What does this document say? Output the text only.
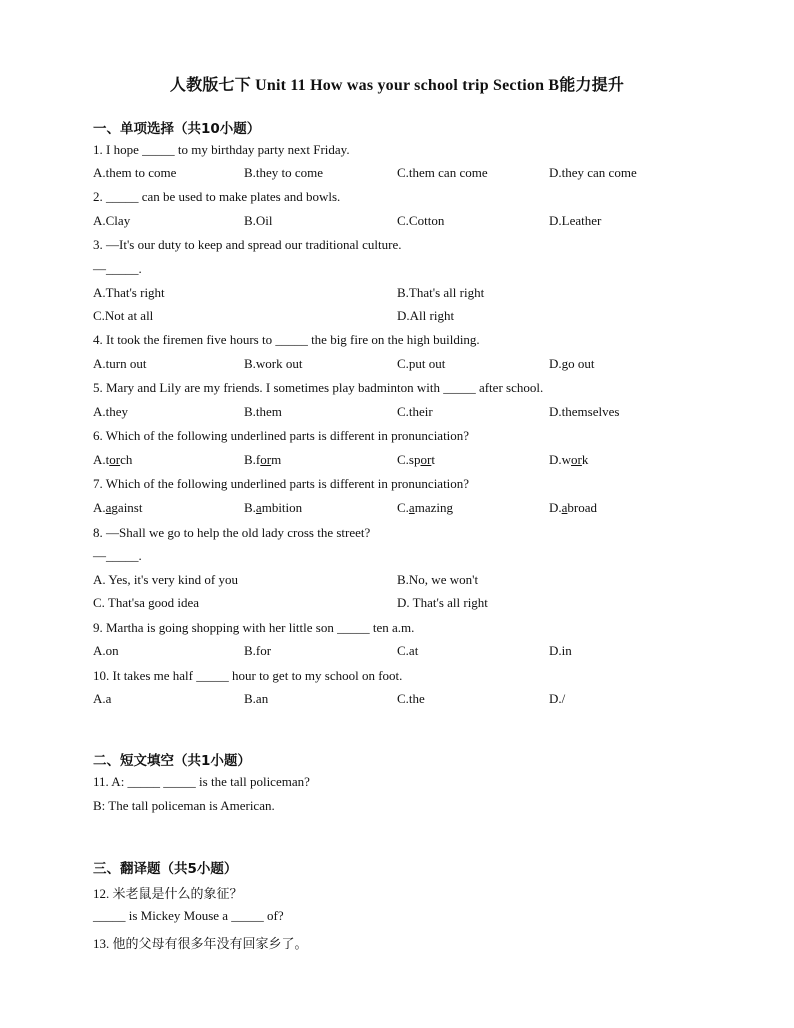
人教版七下 Unit 11 How was your school trip Section B能力提升
一、单项选择（共10小题）
1. I hope _____ to my birthday party next Friday.
A.them to come	B.they to come	C.them can come	D.they can come
2. _____ can be used to make plates and bowls.
A.Clay	B.Oil	C.Cotton	D.Leather
3. —It's our duty to keep and spread our traditional culture.
—_____.
A.That's right	B.That's all right
C.Not at all	D.All right
4. It took the firemen five hours to _____ the big fire on the high building.
A.turn out	B.work out	C.put out	D.go out
5. Mary and Lily are my friends. I sometimes play badminton with _____ after school.
A.they	B.them	C.their	D.themselves
6. Which of the following underlined parts is different in pronunciation?
A.torch	B.form	C.sport	D.work
7. Which of the following underlined parts is different in pronunciation?
A.against	B.ambition	C.amazing	D.abroad
8. —Shall we go to help the old lady cross the street?
—_____.
A. Yes, it's very kind of you	B.No, we won't
C. That'sa good idea	D. That's all right
9. Martha is going shopping with her little son _____ ten a.m.
A.on	B.for	C.at	D.in
10. It takes me half _____ hour to get to my school on foot.
A.a	B.an	C.the	D./
二、短文填空（共1小题）
11. A: _____ _____ is the tall policeman?
B: The tall policeman is American.
三、翻译题（共5小题）
12. 米老鼠是什么的象征？
_____ is Mickey Mouse a _____ of?
13. 他的父母有很多年没有回家乡了。
